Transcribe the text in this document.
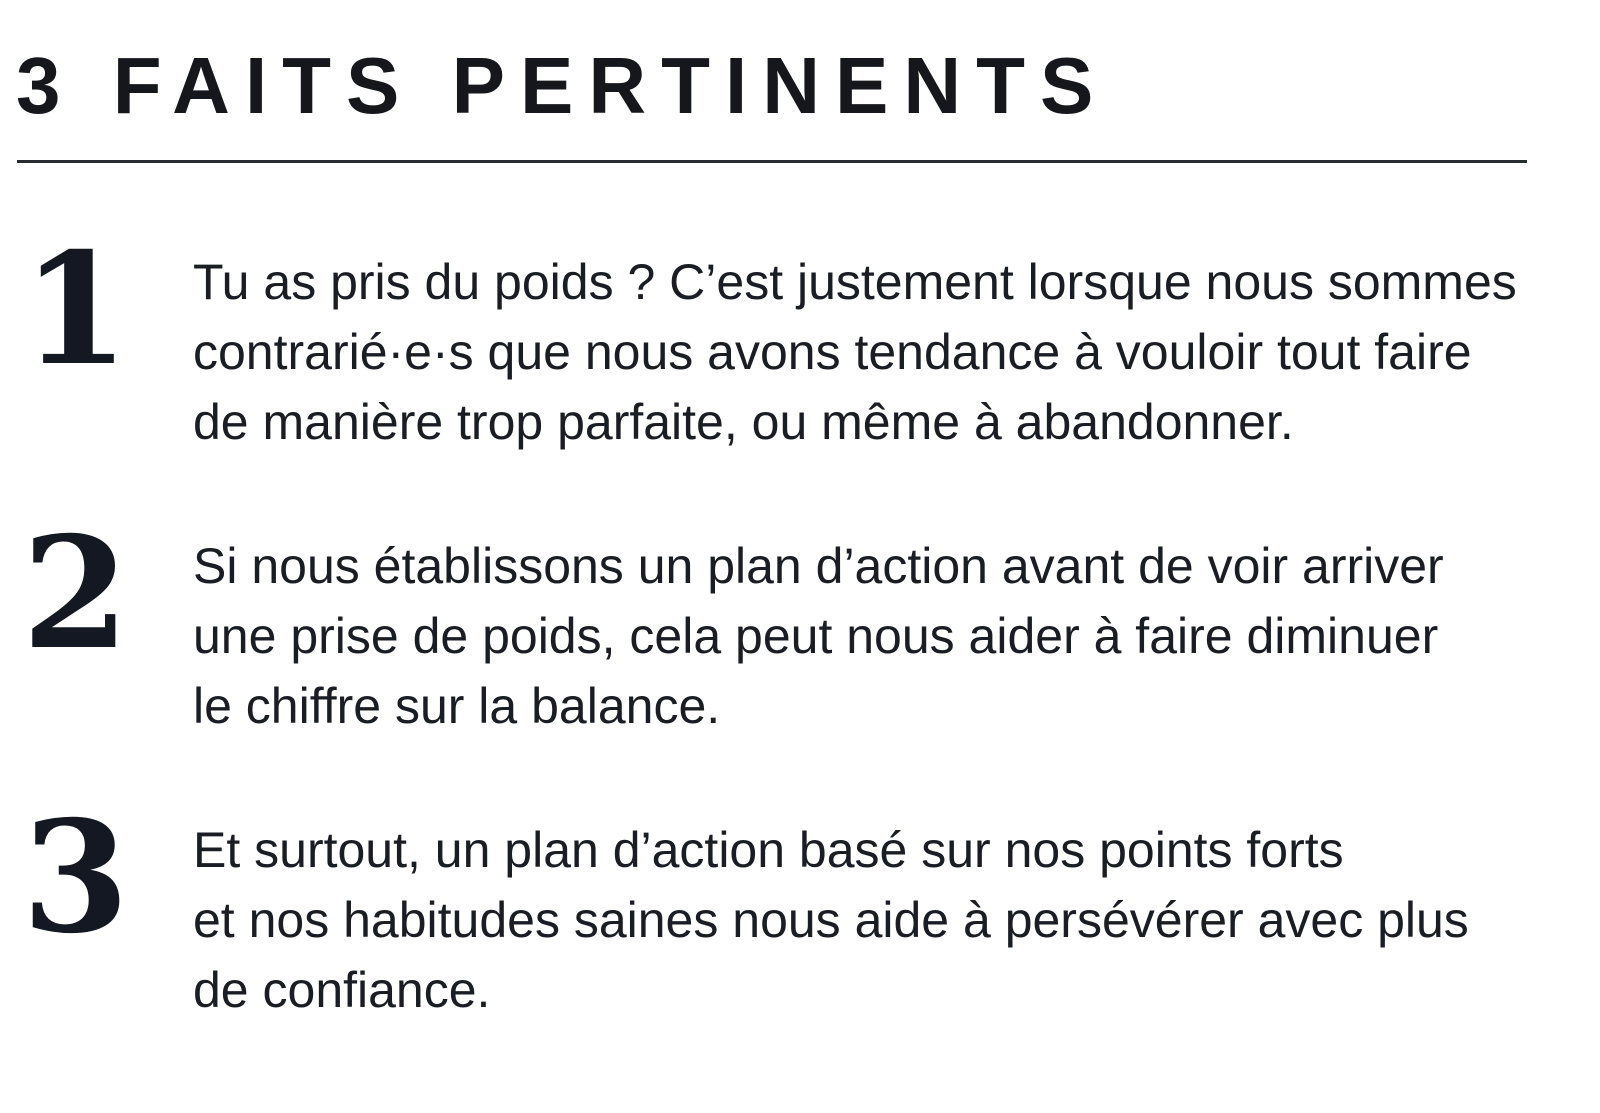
3 FAITS PERTINENTS
1 Tu as pris du poids ? C’est justement lorsque nous sommes
contrarié·e·s que nous avons tendance à vouloir tout faire
de manière trop parfaite, ou même à abandonner.

2 Si nous établissons un plan d’action avant de voir arriver
une prise de poids, cela peut nous aider à faire diminuer
le chiffre sur la balance.

3 Et surtout, un plan d’action basé sur nos points forts
et nos habitudes saines nous aide à persévérer avec plus
de confiance.
